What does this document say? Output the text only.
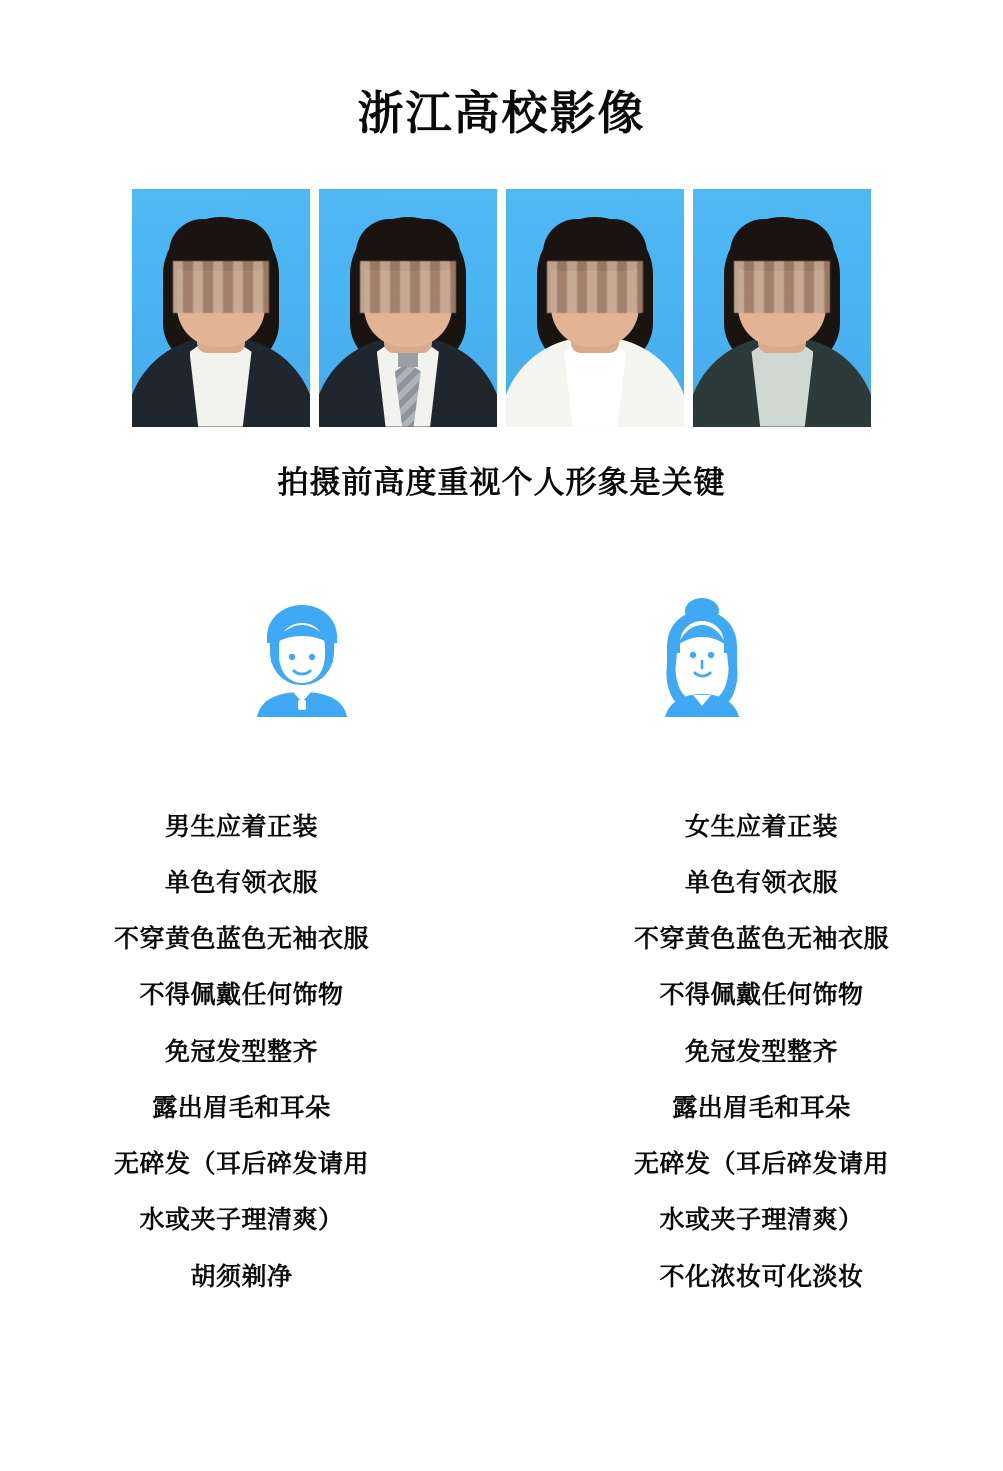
浙江高校影像
拍摄前高度重视个人形象是关键
男生应着正装
单色有领衣服
不穿黄色蓝色无袖衣服
不得佩戴任何饰物
免冠发型整齐
露出眉毛和耳朵
无碎发（耳后碎发请用
水或夹子理清爽）
胡须剃净
女生应着正装
单色有领衣服
不穿黄色蓝色无袖衣服
不得佩戴任何饰物
免冠发型整齐
露出眉毛和耳朵
无碎发（耳后碎发请用
水或夹子理清爽）
不化浓妆可化淡妆
